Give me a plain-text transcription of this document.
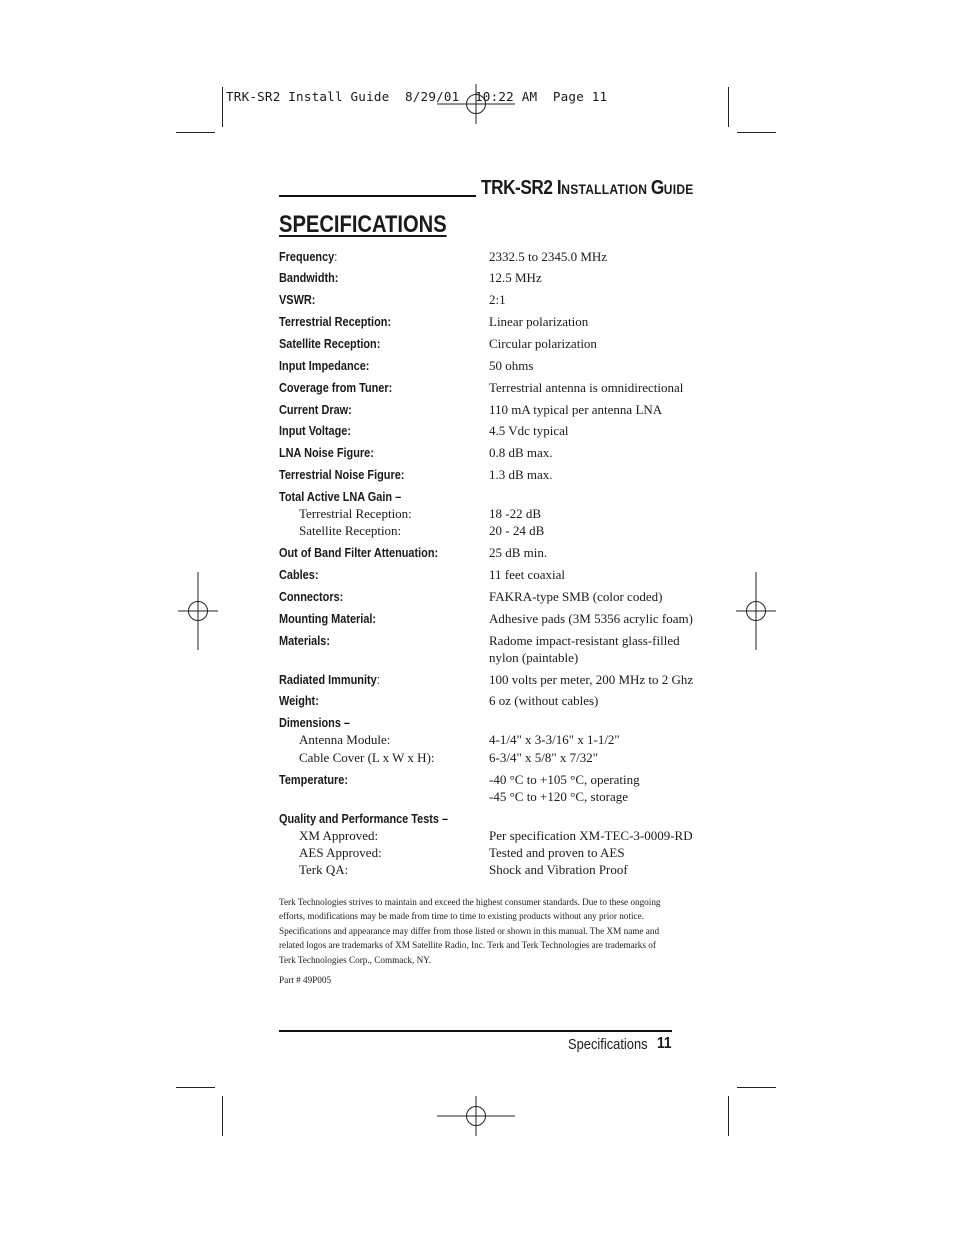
TRK-SR2 Install Guide  8/29/01  10:22 AM  Page 11
TRK-SR2 INSTALLATION GUIDE
SPECIFICATIONS
Frequency:	2332.5 to 2345.0 MHz
Bandwidth:	12.5 MHz
VSWR:	2:1
Terrestrial Reception:	Linear polarization
Satellite Reception:	Circular polarization
Input Impedance:	50 ohms
Coverage from Tuner:	Terrestrial antenna is omnidirectional
Current Draw:	110 mA typical per antenna LNA
Input Voltage:	4.5 Vdc typical
LNA Noise Figure:	0.8 dB max.
Terrestrial Noise Figure:	1.3 dB max.
Total Active LNA Gain –
Terrestrial Reception:	18 -22 dB
Satellite Reception:	20 - 24 dB
Out of Band Filter Attenuation:	25 dB min.
Cables:	11 feet coaxial
Connectors:	FAKRA-type SMB (color coded)
Mounting Material:	Adhesive pads (3M 5356 acrylic foam)
Materials:	Radome impact-resistant glass-filled
nylon (paintable)
Radiated Immunity:	100 volts per meter, 200 MHz to 2 Ghz
Weight:	6 oz (without cables)
Dimensions –
Antenna Module:	4-1/4" x 3-3/16" x 1-1/2"
Cable Cover (L x W x H):	6-3/4" x 5/8" x 7/32"
Temperature:	-40 °C to +105 °C, operating
-45 °C to +120 °C, storage
Quality and Performance Tests –
XM Approved:	Per specification XM-TEC-3-0009-RD
AES Approved:	Tested and proven to AES
Terk QA:	Shock and Vibration Proof
Terk Technologies strives to maintain and exceed the highest consumer standards. Due to these ongoing
efforts, modifications may be made from time to time to existing products without any prior notice.
Specifications and appearance may differ from those listed or shown in this manual. The XM name and
related logos are trademarks of XM Satellite Radio, Inc. Terk and Terk Technologies are trademarks of
Terk Technologies Corp., Commack, NY.
Part # 49P005
Specifications 11
